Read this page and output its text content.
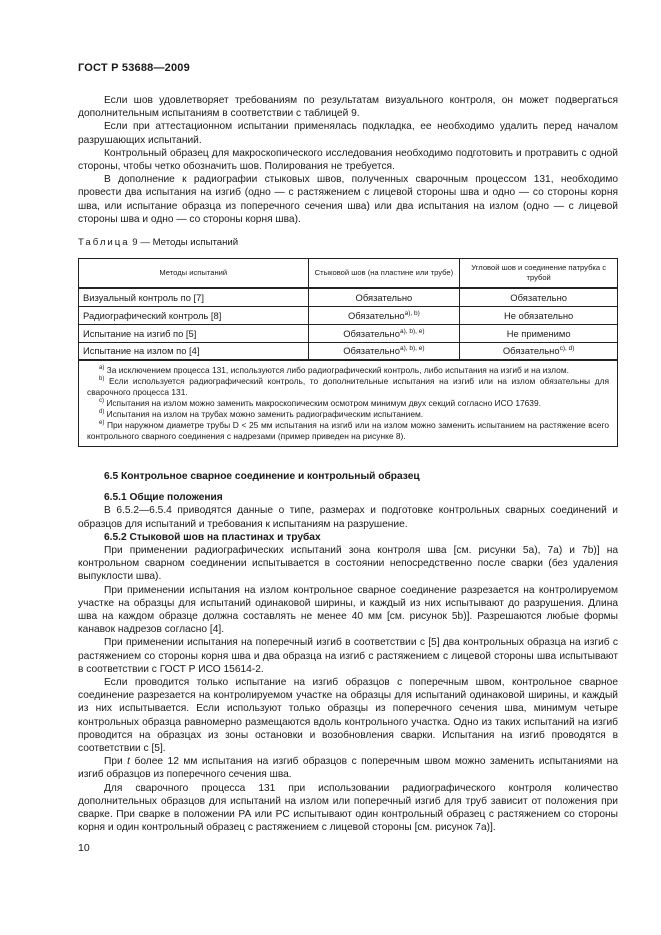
ГОСТ Р 53688—2009

Если шов удовлетворяет требованиям по результатам визуального контроля, он может подвергаться дополнительным испытаниям в соответствии с таблицей 9.

Если при аттестационном испытании применялась подкладка, ее необходимо удалить перед началом разрушающих испытаний.

Контрольный образец для макроскопического исследования необходимо подготовить и протравить с одной стороны, чтобы четко обозначить шов. Полирования не требуется.

В дополнение к радиографии стыковых швов, полученных сварочным процессом 131, необходимо провести два испытания на изгиб (одно — с растяжением с лицевой стороны шва и одно — со стороны корня шва, или испытание образца из поперечного сечения шва) или два испытания на излом (одно — с лицевой стороны шва и одно — со стороны корня шва).

Таблица 9 — Методы испытаний
Методы испытаний	Стыковой шов (на пластине или трубе)	Угловой шов и соединение патрубка с трубой
Визуальный контроль по [7]	Обязательно	Обязательно
Радиографический контроль [8]	Обязательно$^{a), b)}$	Не обязательно
Испытание на изгиб по [5]	Обязательно$^{a), b), e)}$	Не применимо
Испытание на излом по [4]	Обязательно$^{a), b), e)}$	Обязательно$^{c), d)}$

$^{a)}$ За исключением процесса 131, используются либо радиографический контроль, либо испытания на изгиб и на излом.
$^{b)}$ Если используется радиографический контроль, то дополнительные испытания на изгиб или на излом обязательны для сварочного процесса 131.
$^{c)}$ Испытания на излом можно заменить макроскопическим осмотром минимум двух секций согласно ИСО 17639.
$^{d)}$ Испытания на излом на трубах можно заменить радиографическим испытанием.
$^{e)}$ При наружном диаметре трубы D < 25 мм испытания на изгиб или на излом можно заменить испытанием на растяжение всего контрольного сварного соединения с надрезами (пример приведен на рисунке 8).		

6.5 Контрольное сварное соединение и контрольный образец

6.5.1 Общие положения

В 6.5.2—6.5.4 приводятся данные о типе, размерах и подготовке контрольных сварных соединений и образцов для испытаний и требования к испытаниям на разрушение.

6.5.2 Стыковой шов на пластинах и трубах

При применении радиографических испытаний зона контроля шва [см. рисунки 5а), 7а) и 7b)] на контрольном сварном соединении испытывается в состоянии непосредственно после сварки (без удаления выпуклости шва).

При применении испытания на излом контрольное сварное соединение разрезается на контролируемом участке на образцы для испытаний одинаковой ширины, и каждый из них испытывают до разрушения. Длина шва на каждом образце должна составлять не менее 40 мм [см. рисунок 5b)]. Разрешаются любые формы канавок надрезов согласно [4].

При применении испытания на поперечный изгиб в соответствии с [5] два контрольных образца на изгиб с растяжением со стороны корня шва и два образца на изгиб с растяжением с лицевой стороны шва испытывают в соответствии с ГОСТ Р ИСО 15614-2.

Если проводится только испытание на изгиб образцов с поперечным швом, контрольное сварное соединение разрезается на контролируемом участке на образцы для испытаний одинаковой ширины, и каждый из них испытывается. Если используют только образцы из поперечного сечения шва, минимум четыре контрольных образца равномерно размещаются вдоль контрольного участка. Одно из таких испытаний на изгиб проводится на образцах из зоны остановки и возобновления сварки. Испытания на изгиб проводятся в соответствии с [5].

При t более 12 мм испытания на изгиб образцов с поперечным швом можно заменить испытаниями на изгиб образцов из поперечного сечения шва.

Для сварочного процесса 131 при использовании радиографического контроля количество дополнительных образцов для испытаний на излом или поперечный изгиб для труб зависит от положения при сварке. При сварке в положении РА или PC испытывают один контрольный образец с растяжением со стороны корня и один контрольный образец с растяжением с лицевой стороны [см. рисунок 7а)].

10
